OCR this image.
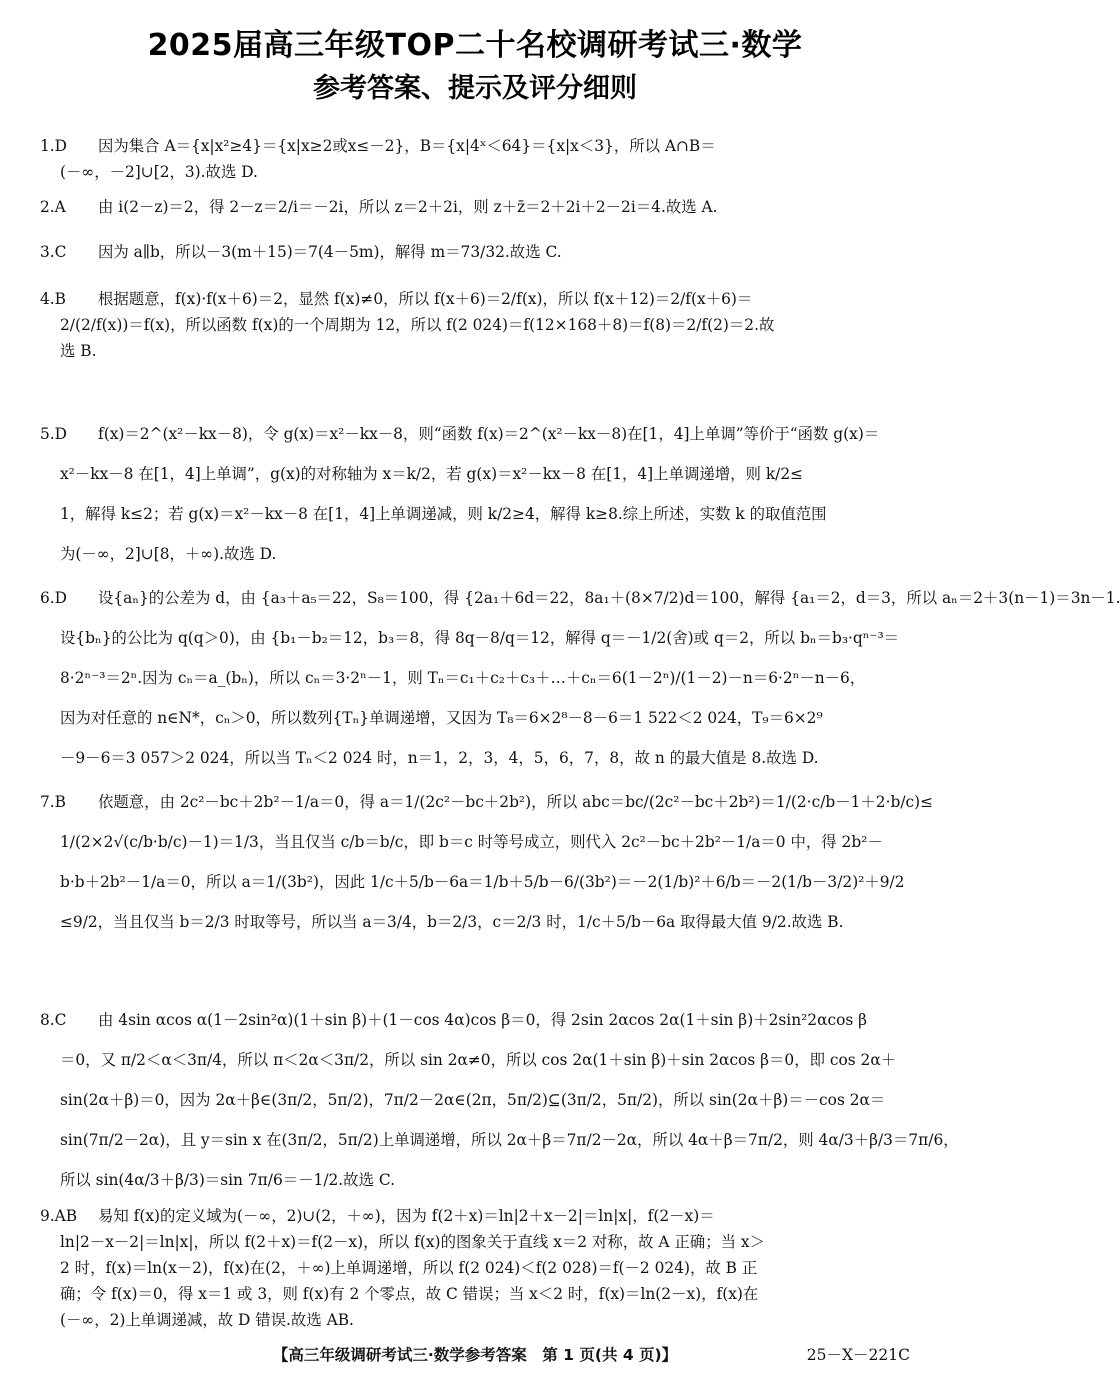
2025届高三年级TOP二十名校调研考试三·数学
参考答案、提示及评分细则

1.D 因为集合 A＝{x|x²≥4}＝{x|x≥2或x≤－2}，B＝{x|4ˣ＜64}＝{x|x＜3}，所以 A∩B＝

(－∞，－2]∪[2，3).故选 D.

2.A 由 i(2－z)＝2，得 2－z＝2/i＝－2i，所以 z＝2＋2i，则 z＋z̄＝2＋2i＋2－2i＝4.故选 A.

3.C 因为 a∥b，所以－3(m＋15)＝7(4－5m)，解得 m＝73/32.故选 C.

4.B 根据题意，f(x)·f(x＋6)＝2，显然 f(x)≠0，所以 f(x＋6)＝2/f(x)，所以 f(x＋12)＝2/f(x＋6)＝

2/(2/f(x))＝f(x)，所以函数 f(x)的一个周期为 12，所以 f(2 024)＝f(12×168＋8)＝f(8)＝2/f(2)＝2.故

选 B.

5.D f(x)＝2^(x²－kx－8)，令 g(x)＝x²－kx－8，则“函数 f(x)＝2^(x²－kx－8)在[1，4]上单调”等价于“函数 g(x)＝

x²－kx－8 在[1，4]上单调”，g(x)的对称轴为 x＝k/2，若 g(x)＝x²－kx－8 在[1，4]上单调递增，则 k/2≤

1，解得 k≤2；若 g(x)＝x²－kx－8 在[1，4]上单调递减，则 k/2≥4，解得 k≥8.综上所述，实数 k 的取值范围

为(－∞，2]∪[8，＋∞).故选 D.

6.D 设{aₙ}的公差为 d，由 {a₃＋a₅＝22，S₈＝100，得 {2a₁＋6d＝22，8a₁＋(8×7/2)d＝100，解得 {a₁＝2，d＝3，所以 aₙ＝2＋3(n－1)＝3n－1.

设{bₙ}的公比为 q(q＞0)，由 {b₁－b₂＝12，b₃＝8，得 8q－8/q＝12，解得 q＝－1/2(舍)或 q＝2，所以 bₙ＝b₃·qⁿ⁻³＝

8·2ⁿ⁻³＝2ⁿ.因为 cₙ＝a_(bₙ)，所以 cₙ＝3·2ⁿ－1，则 Tₙ＝c₁＋c₂＋c₃＋…＋cₙ＝6(1－2ⁿ)/(1－2)－n＝6·2ⁿ－n－6，

因为对任意的 n∈N*，cₙ＞0，所以数列{Tₙ}单调递增，又因为 T₈＝6×2⁸－8－6＝1 522＜2 024，T₉＝6×2⁹

－9－6＝3 057＞2 024，所以当 Tₙ＜2 024 时，n＝1，2，3，4，5，6，7，8，故 n 的最大值是 8.故选 D.

7.B 依题意，由 2c²－bc＋2b²－1/a＝0，得 a＝1/(2c²－bc＋2b²)，所以 abc＝bc/(2c²－bc＋2b²)＝1/(2·c/b－1＋2·b/c)≤

1/(2×2√(c/b·b/c)－1)＝1/3，当且仅当 c/b＝b/c，即 b＝c 时等号成立，则代入 2c²－bc＋2b²－1/a＝0 中，得 2b²－

b·b＋2b²－1/a＝0，所以 a＝1/(3b²)，因此 1/c＋5/b－6a＝1/b＋5/b－6/(3b²)＝－2(1/b)²＋6/b＝－2(1/b－3/2)²＋9/2

≤9/2，当且仅当 b＝2/3 时取等号，所以当 a＝3/4，b＝2/3，c＝2/3 时，1/c＋5/b－6a 取得最大值 9/2.故选 B.

8.C 由 4sin αcos α(1－2sin²α)(1＋sin β)＋(1－cos 4α)cos β＝0，得 2sin 2αcos 2α(1＋sin β)＋2sin²2αcos β

＝0，又 π/2＜α＜3π/4，所以 π＜2α＜3π/2，所以 sin 2α≠0，所以 cos 2α(1＋sin β)＋sin 2αcos β＝0，即 cos 2α＋

sin(2α＋β)＝0，因为 2α＋β∈(3π/2，5π/2)，7π/2－2α∈(2π，5π/2)⊆(3π/2，5π/2)，所以 sin(2α＋β)＝－cos 2α＝

sin(7π/2－2α)，且 y＝sin x 在(3π/2，5π/2)上单调递增，所以 2α＋β＝7π/2－2α，所以 4α＋β＝7π/2，则 4α/3＋β/3＝7π/6，

所以 sin(4α/3＋β/3)＝sin 7π/6＝－1/2.故选 C.

9.AB 易知 f(x)的定义域为(－∞，2)∪(2，＋∞)，因为 f(2＋x)＝ln|2＋x－2|＝ln|x|，f(2－x)＝

ln|2－x－2|＝ln|x|，所以 f(2＋x)＝f(2－x)，所以 f(x)的图象关于直线 x＝2 对称，故 A 正确；当 x＞

2 时，f(x)＝ln(x－2)，f(x)在(2，＋∞)上单调递增，所以 f(2 024)＜f(2 028)＝f(－2 024)，故 B 正

确；令 f(x)＝0，得 x＝1 或 3，则 f(x)有 2 个零点，故 C 错误；当 x＜2 时，f(x)＝ln(2－x)，f(x)在

(－∞，2)上单调递减，故 D 错误.故选 AB.

【高三年级调研考试三·数学参考答案　第 1 页(共 4 页)】	25－X－221C
